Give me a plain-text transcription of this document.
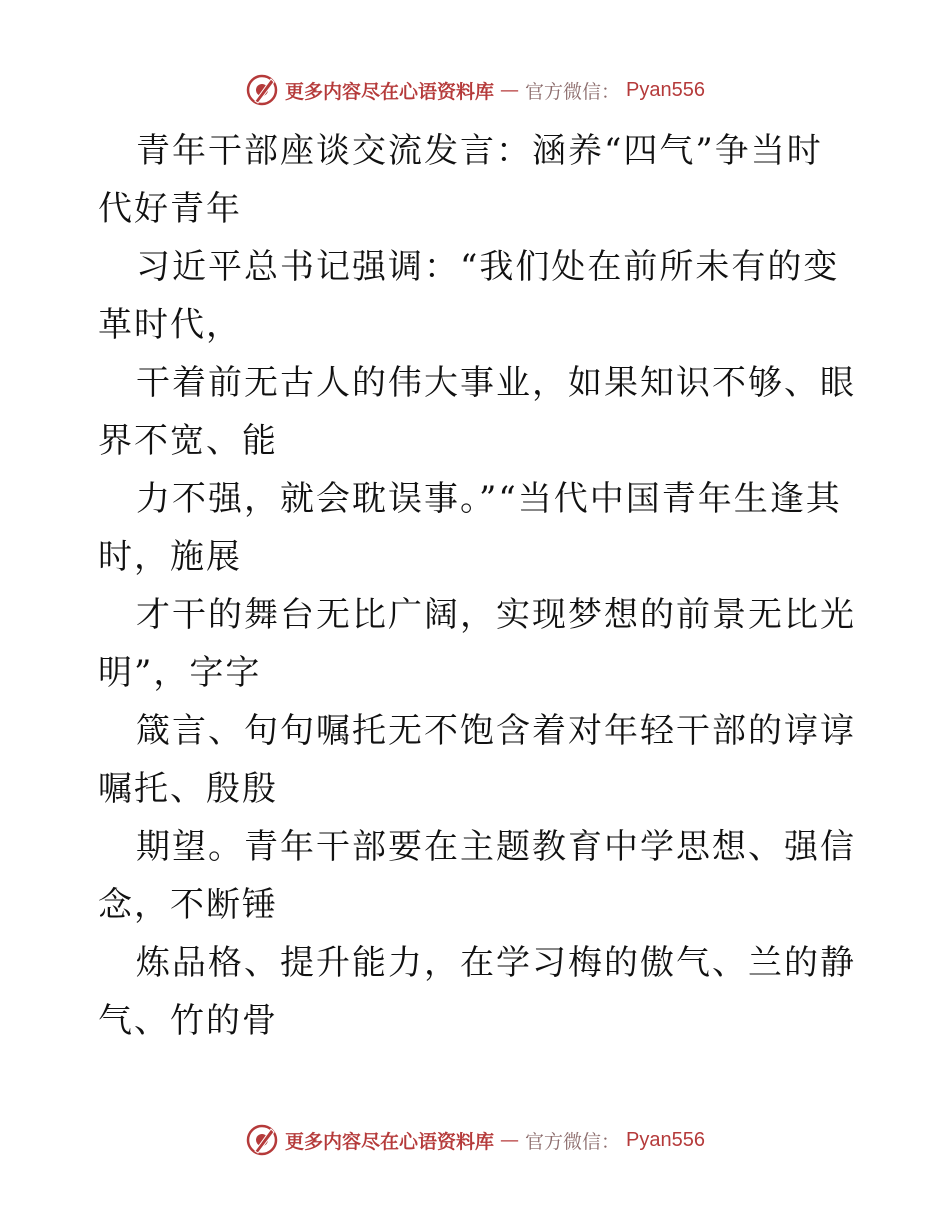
更多内容尽在心语资料库 — 官方微信： Pyan556

青年干部座谈交流发言：涵养“四气”争当时代好青年

习近平总书记强调：“我们处在前所未有的变革时代，

干着前无古人的伟大事业，如果知识不够、眼界不宽、能

力不强，就会耽误事。”“当代中国青年生逢其时，施展

才干的舞台无比广阔，实现梦想的前景无比光明”，字字

箴言、句句嘱托无不饱含着对年轻干部的谆谆嘱托、殷殷

期望。青年干部要在主题教育中学思想、强信念，不断锤

炼品格、提升能力，在学习梅的傲气、兰的静气、竹的骨

更多内容尽在心语资料库 — 官方微信： Pyan556
